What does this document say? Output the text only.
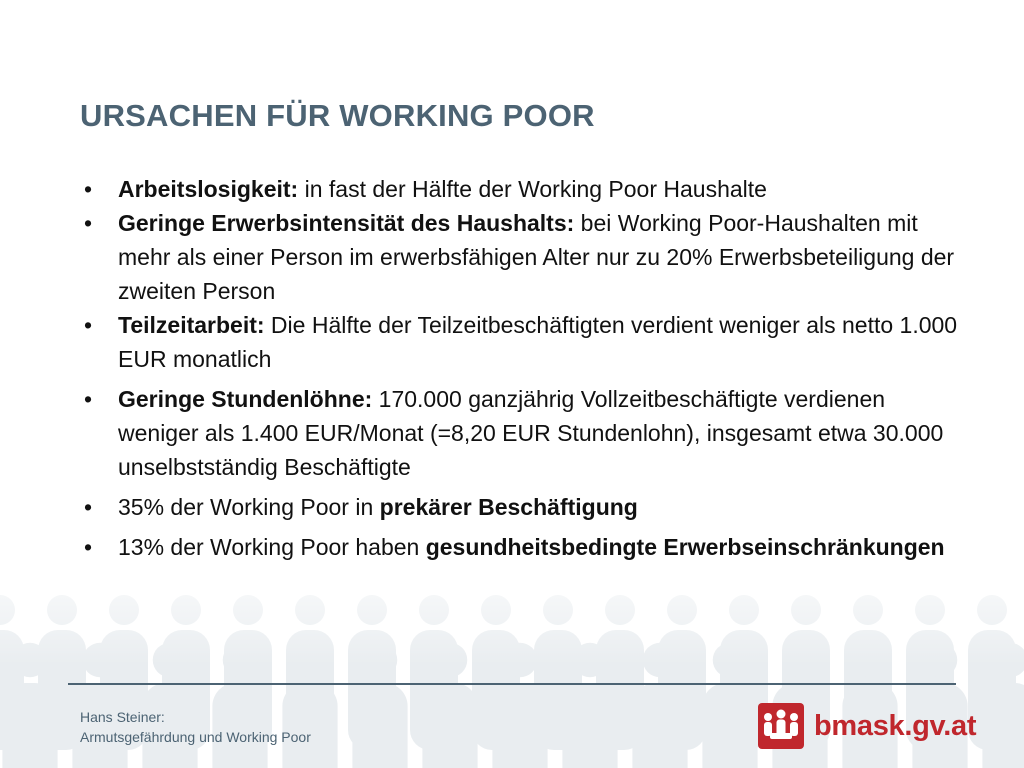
URSACHEN FÜR WORKING POOR
• Arbeitslosigkeit: in fast der Hälfte der Working Poor Haushalte
• Geringe Erwerbsintensität des Haushalts: bei Working Poor-Haushalten mit mehr als einer Person im erwerbsfähigen Alter nur zu 20% Erwerbsbeteiligung der zweiten Person
• Teilzeitarbeit: Die Hälfte der Teilzeitbeschäftigten verdient weniger als netto 1.000 EUR monatlich
• Geringe Stundenlöhne: 170.000 ganzjährig Vollzeitbeschäftigte verdienen weniger als 1.400 EUR/Monat (=8,20 EUR Stundenlohn), insgesamt etwa 30.000 unselbstständig Beschäftigte
• 35% der Working Poor in prekärer Beschäftigung
• 13% der Working Poor haben gesundheitsbedingte Erwerbseinschränkungen
Hans Steiner:
Armutsgefährdung und Working Poor	bmask.gv.at
